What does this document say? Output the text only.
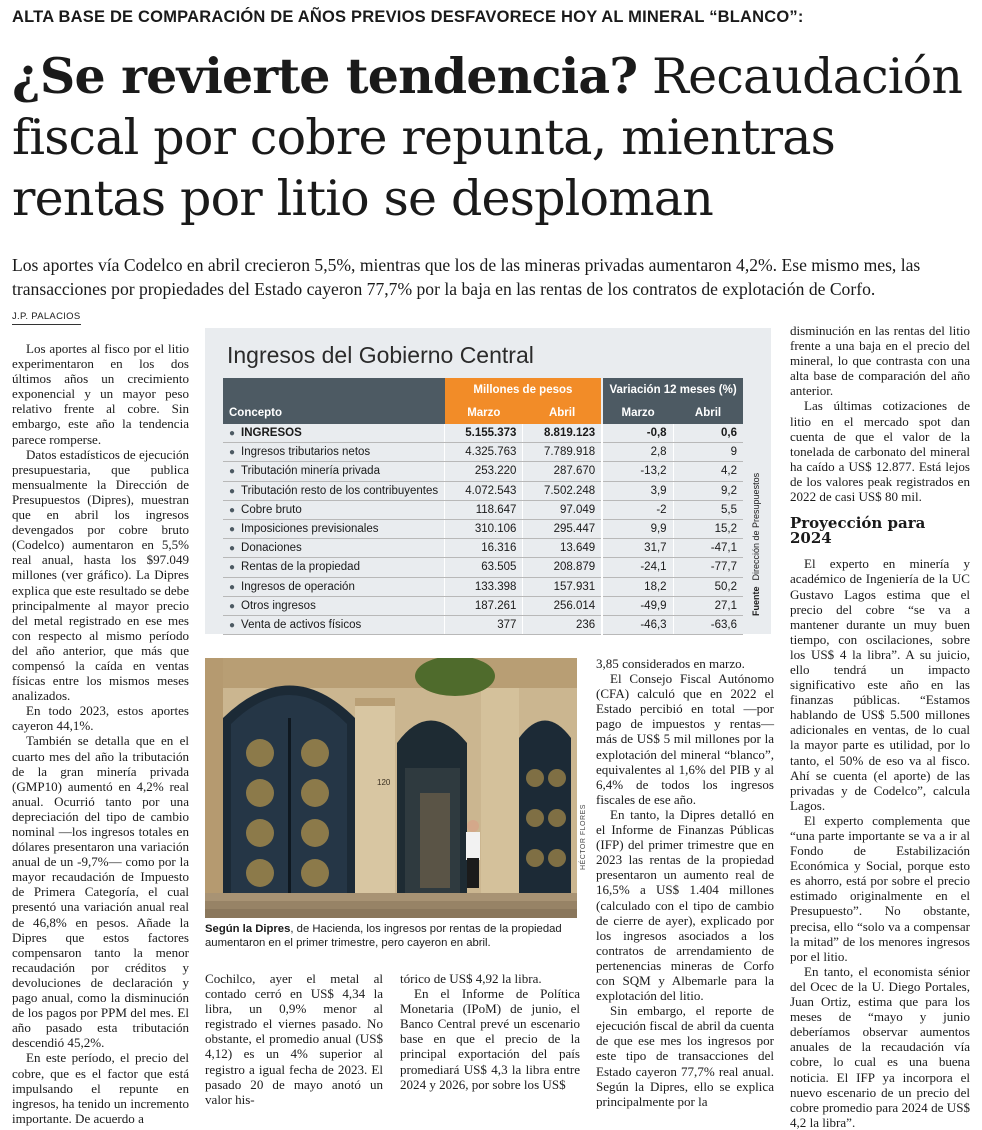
ALTA BASE DE COMPARACIÓN DE AÑOS PREVIOS DESFAVORECE HOY AL MINERAL “BLANCO”:
¿Se revierte tendencia? Recaudación fiscal por cobre repunta, mientras rentas por litio se desploman
Los aportes vía Codelco en abril crecieron 5,5%, mientras que los de las mineras privadas aumentaron 4,2%. Ese mismo mes, las transacciones por propiedades del Estado cayeron 77,7% por la baja en las rentas de los contratos de explotación de Corfo.
J.P. PALACIOS

Los aportes al fisco por el litio experimentaron en los dos últimos años un crecimiento exponencial y un mayor peso relativo frente al cobre. Sin embargo, este año la tendencia parece romperse.

Datos estadísticos de ejecución presupuestaria, que publica mensualmente la Dirección de Presupuestos (Dipres), muestran que en abril los ingresos devengados por cobre bruto (Codelco) aumentaron en 5,5% real anual, hasta los $97.049 millones (ver gráfico). La Dipres explica que este resultado se debe principalmente al mayor precio del metal registrado en ese mes con respecto al mismo período del año anterior, que más que compensó la caída en ventas físicas entre los mismos meses analizados.

En todo 2023, estos aportes cayeron 44,1%.

También se detalla que en el cuarto mes del año la tributación de la gran minería privada (GMP10) aumentó en 4,2% real anual. Ocurrió tanto por una depreciación del tipo de cambio nominal —los ingresos totales en dólares presentaron una variación anual de un -9,7%— como por la mayor recaudación de Impuesto de Primera Categoría, el cual presentó una variación anual real de 46,8% en pesos. Añade la Dipres que estos factores compensaron tanto la menor recaudación por créditos y devoluciones de declaración y pago anual, como la disminución de los pagos por PPM del mes. El año pasado esta tributación descendió 45,2%.

En este período, el precio del cobre, que es el factor que está impulsando el repunte en ingresos, ha tenido un incremento importante. De acuerdo a

Ingresos del Gobierno Central
	Millones de pesos		Variación 12 meses (%)	
Concepto	Marzo	Abril	Marzo	Abril
● INGRESOS	5.155.373	8.819.123	-0,8	0,6
● Ingresos tributarios netos	4.325.763	7.789.918	2,8	9
● Tributación minería privada	253.220	287.670	-13,2	4,2
● Tributación resto de los contribuyentes	4.072.543	7.502.248	3,9	9,2
● Cobre bruto	118.647	97.049	-2	5,5
● Imposiciones previsionales	310.106	295.447	9,9	15,2
● Donaciones	16.316	13.649	31,7	-47,1
● Rentas de la propiedad	63.505	208.879	-24,1	-77,7
● Ingresos de operación	133.398	157.931	18,2	50,2
● Otros ingresos	187.261	256.014	-49,9	27,1
● Venta de activos físicos	377	236	-46,3	-63,6
FuenteDirección de Presupuestos
120
HÉCTOR FLORES
Según la Dipres, de Hacienda, los ingresos por rentas de la propiedad aumentaron en el primer trimestre, pero cayeron en abril.

Cochilco, ayer el metal al contado cerró en US$ 4,34 la libra, un 0,9% menor al registrado el viernes pasado. No obstante, el promedio anual (US$ 4,12) es un 4% superior al registro a igual fecha de 2023. El pasado 20 de mayo anotó un valor his-

tórico de US$ 4,92 la libra.

En el Informe de Política Monetaria (IPoM) de junio, el Banco Central prevé un escenario base en que el precio de la principal exportación del país promediará US$ 4,3 la libra entre 2024 y 2026, por sobre los US$

3,85 considerados en marzo.

El Consejo Fiscal Autónomo (CFA) calculó que en 2022 el Estado percibió en total —por pago de impuestos y rentas— más de US$ 5 mil millones por la explotación del mineral “blanco”, equivalentes al 1,6% del PIB y al 6,4% de todos los ingresos fiscales de ese año.

En tanto, la Dipres detalló en el Informe de Finanzas Públicas (IFP) del primer trimestre que en 2023 las rentas de la propiedad presentaron un aumento real de 16,5% a US$ 1.404 millones (calculado con el tipo de cambio de cierre de ayer), explicado por los ingresos asociados a los contratos de arrendamiento de pertenencias mineras de Corfo con SQM y Albemarle para la explotación del litio.

Sin embargo, el reporte de ejecución fiscal de abril da cuenta de que ese mes los ingresos por este tipo de transacciones del Estado cayeron 77,7% real anual. Según la Dipres, ello se explica principalmente por la

disminución en las rentas del litio frente a una baja en el precio del mineral, lo que contrasta con una alta base de comparación del año anterior.

Las últimas cotizaciones de litio en el mercado spot dan cuenta de que el valor de la tonelada de carbonato del mineral ha caído a US$ 12.877. Está lejos de los valores peak registrados en 2022 de casi US$ 80 mil.

Proyección para 2024

El experto en minería y académico de Ingeniería de la UC Gustavo Lagos estima que el precio del cobre “se va a mantener durante un muy buen tiempo, con oscilaciones, sobre los US$ 4 la libra”. A su juicio, ello tendrá un impacto significativo este año en las finanzas públicas. “Estamos hablando de US$ 5.500 millones adicionales en ventas, de lo cual la mayor parte es utilidad, por lo tanto, el 50% de eso va al fisco. Ahí se cuenta (el aporte) de las privadas y de Codelco”, calcula Lagos.

El experto complementa que “una parte importante se va a ir al Fondo de Estabilización Económica y Social, porque esto es ahorro, está por sobre el precio estimado originalmente en el Presupuesto”. No obstante, precisa, ello “solo va a compensar la mitad” de los menores ingresos por el litio.

En tanto, el economista sénior del Ocec de la U. Diego Portales, Juan Ortiz, estima que para los meses de “mayo y junio deberíamos observar aumentos anuales de la recaudación vía cobre, lo cual es una buena noticia. El IFP ya incorpora el nuevo escenario de un precio del cobre promedio para 2024 de US$ 4,2 la libra”.
